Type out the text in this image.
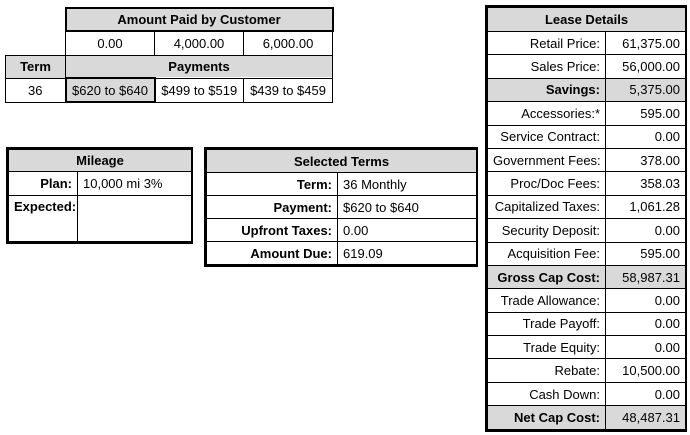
	Amount Paid by Customer		
	0.00	4,000.00	6,000.00
Term	Payments		
36	$620 to $640	$499 to $519	$439 to $459
Mileage	
Plan:	10,000 mi 3%
Expected:	
Selected Terms	
Term:	36 Monthly
Payment:	$620 to $640
Upfront Taxes:	0.00
Amount Due:	619.09
Lease Details	
Retail Price:	61,375.00
Sales Price:	56,000.00
Savings:	5,375.00
Accessories:*	595.00
Service Contract:	0.00
Government Fees:	378.00
Proc/Doc Fees:	358.03
Capitalized Taxes:	1,061.28
Security Deposit:	0.00
Acquisition Fee:	595.00
Gross Cap Cost:	58,987.31
Trade Allowance:	0.00
Trade Payoff:	0.00
Trade Equity:	0.00
Rebate:	10,500.00
Cash Down:	0.00
Net Cap Cost:	48,487.31
